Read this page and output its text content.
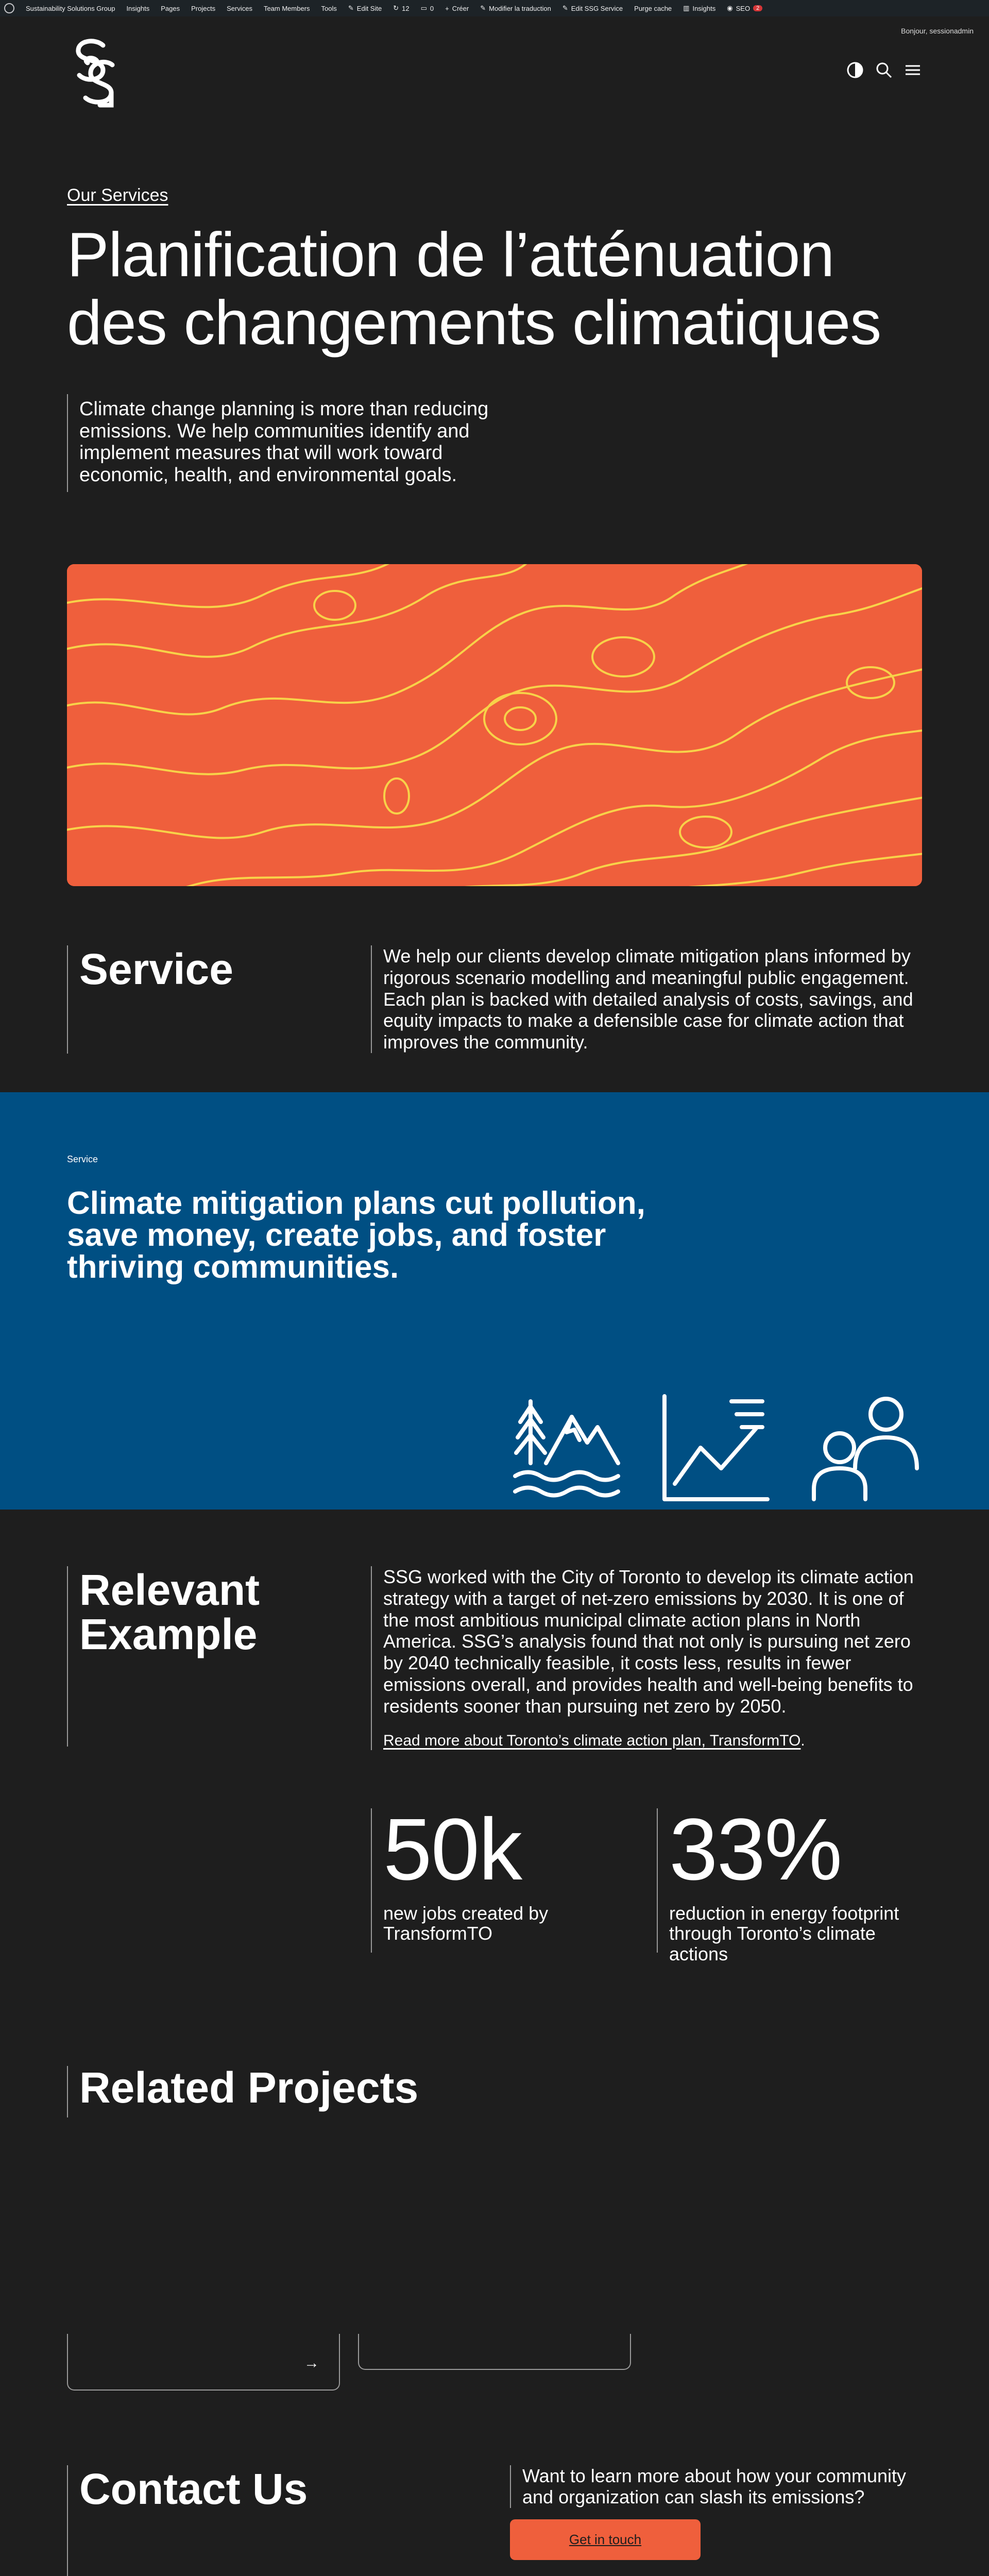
Sustainability Solutions Group Insights Pages Projects Services Team Members Tools ✎ Edit Site ↻ 12 ▭ 0 + Créer ✎ Modifier la traduction ✎ Edit SSG Service Purge cache ▥ Insights ◉ SEO	2
Bonjour, sessionadmin
Our Services
Planification de l’atténuation des changements climatiques

Climate change planning is more than reducing emissions. We help communities identify and implement measures that will work toward economic, health, and environmental goals.

Service	We help our clients develop climate mitigation plans informed by rigorous scenario modelling and meaningful public engagement. Each plan is backed with detailed analysis of costs, savings, and equity impacts to make a defensible case for climate action that improves the community.

Service
Climate mitigation plans cut pollution, save money, create jobs, and foster thriving communities.
Relevant Example

SSG worked with the City of Toronto to develop its climate action strategy with a target of net-zero emissions by 2030. It is one of the most ambitious municipal climate action plans in North America. SSG’s analysis found that not only is pursuing net zero by 2040 technically feasible, it costs less, results in fewer emissions overall, and provides health and well-being benefits to residents sooner than pursuing net zero by 2050.

Read more about Toronto’s climate action plan, TransformTO.

50k
new jobs created by TransformTO
33%
reduction in energy footprint through Toronto’s climate actions
Related Projects
→
Contact Us	Want to learn more about how your community and organization can slash its emissions?

Get in touch
